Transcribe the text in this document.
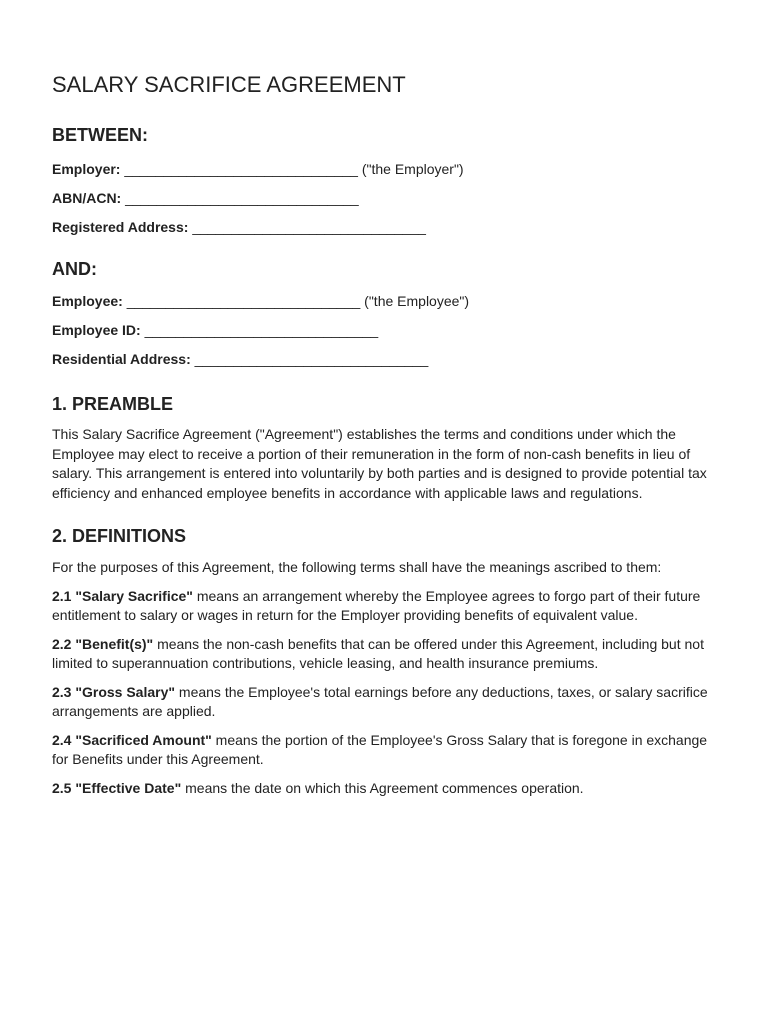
SALARY SACRIFICE AGREEMENT
BETWEEN:

Employer: ______________________________ ("the Employer")

ABN/ACN: ______________________________

Registered Address: ______________________________

AND:

Employee: ______________________________ ("the Employee")

Employee ID: ______________________________

Residential Address: ______________________________

1. PREAMBLE

This Salary Sacrifice Agreement ("Agreement") establishes the terms and conditions under which the Employee may elect to receive a portion of their remuneration in the form of non-cash benefits in lieu of salary. This arrangement is entered into voluntarily by both parties and is designed to provide potential tax efficiency and enhanced employee benefits in accordance with applicable laws and regulations.

2. DEFINITIONS

For the purposes of this Agreement, the following terms shall have the meanings ascribed to them:

2.1 "Salary Sacrifice" means an arrangement whereby the Employee agrees to forgo part of their future entitlement to salary or wages in return for the Employer providing benefits of equivalent value.

2.2 "Benefit(s)" means the non-cash benefits that can be offered under this Agreement, including but not limited to superannuation contributions, vehicle leasing, and health insurance premiums.

2.3 "Gross Salary" means the Employee's total earnings before any deductions, taxes, or salary sacrifice arrangements are applied.

2.4 "Sacrificed Amount" means the portion of the Employee's Gross Salary that is foregone in exchange for Benefits under this Agreement.

2.5 "Effective Date" means the date on which this Agreement commences operation.
